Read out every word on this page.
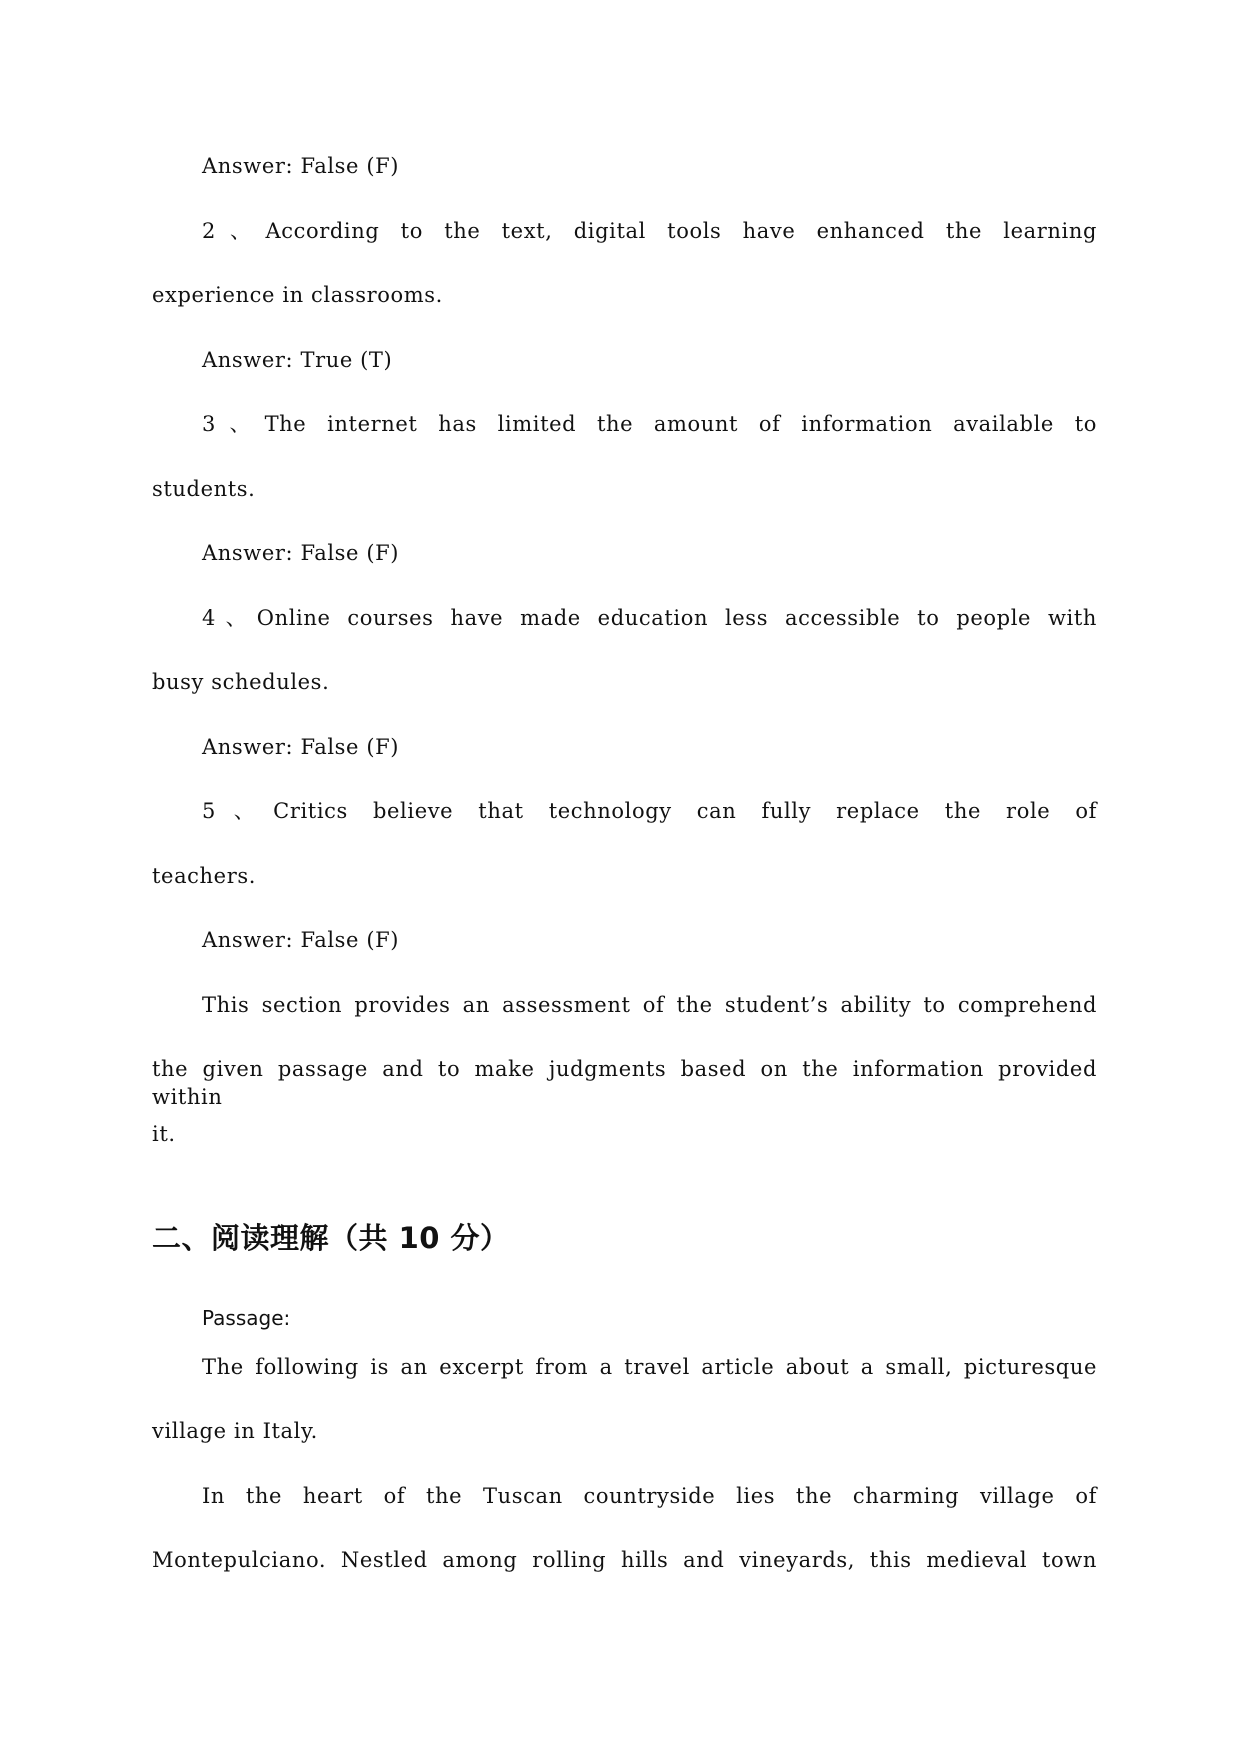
Answer: False (F)
2、According to the text, digital tools have enhanced the learning
experience in classrooms.
Answer: True (T)
3、The internet has limited the amount of information available to
students.
Answer: False (F)
4、Online courses have made education less accessible to people with
busy schedules.
Answer: False (F)
5、Critics believe that technology can fully replace the role of
teachers.
Answer: False (F)
This section provides an assessment of the student’s ability to comprehend
the given passage and to make judgments based on the information provided within
it.
二、阅读理解（共 10 分）
Passage:
The following is an excerpt from a travel article about a small, picturesque
village in Italy.
In the heart of the Tuscan countryside lies the charming village of
Montepulciano. Nestled among rolling hills and vineyards, this medieval town
